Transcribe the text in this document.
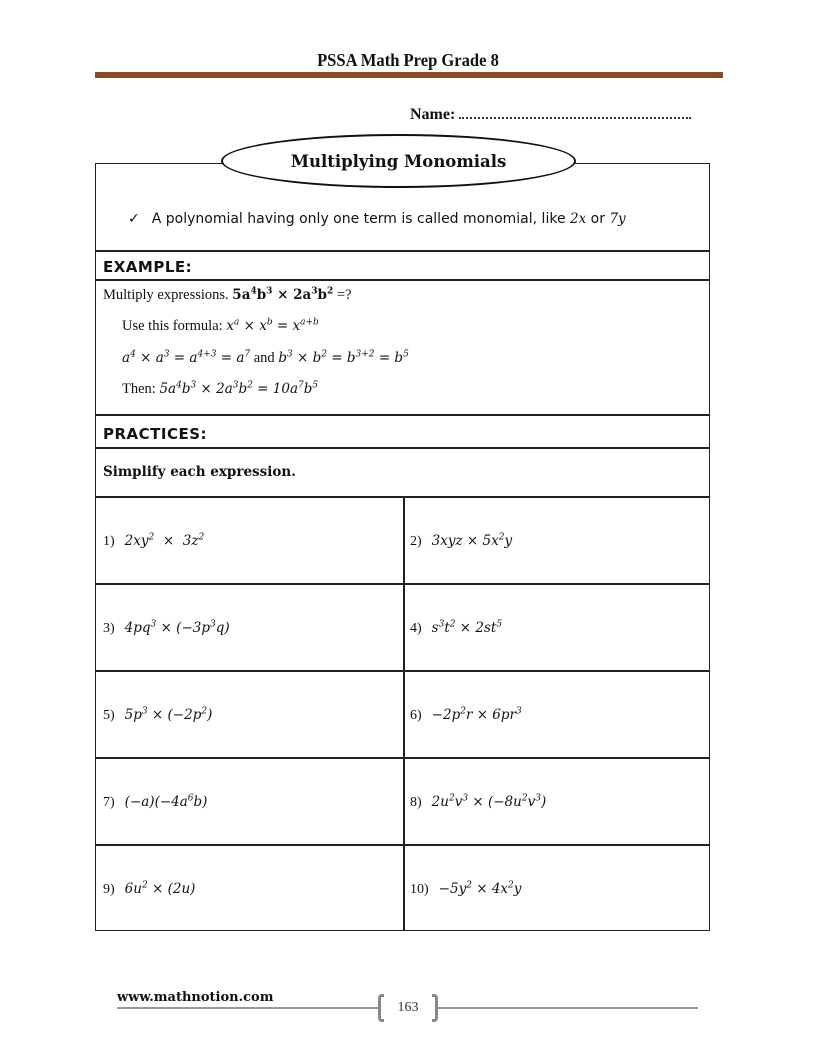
PSSA Math Prep Grade 8
Name:
Multiplying Monomials
✓ A polynomial having only one term is called monomial, like 2x or 7y
EXAMPLE:
Multiply expressions. $5a^4b^3 \times 2a^3b^2$ =?
Use this formula: $x^a \times x^b = x^{a+b}$
$a^4 \times a^3 = a^{4+3} = a^7$ and $b^3 \times b^2 = b^{3+2} = b^5$
Then: $5a^4b^3 \times 2a^3b^2 = 10a^7b^5$
PRACTICES:
Simplify each expression.
1) $2xy^2 \times 3z^2$	2) $3xyz \times 5x^2y$
3) $4pq^3 \times (-3p^3q)$	4) $s^3t^2 \times 2st^5$
5) $5p^3 \times (-2p^2)$	$6) -2p^2r \times 6pr^3$
7) $(-a)(-4a^6b)$	8) $2u^2v^3 \times (-8u^2v^3)$
9) $6u^2 \times (2u)$	$10) -5y^2 \times 4x^2y$
www.mathnotion.com
163
